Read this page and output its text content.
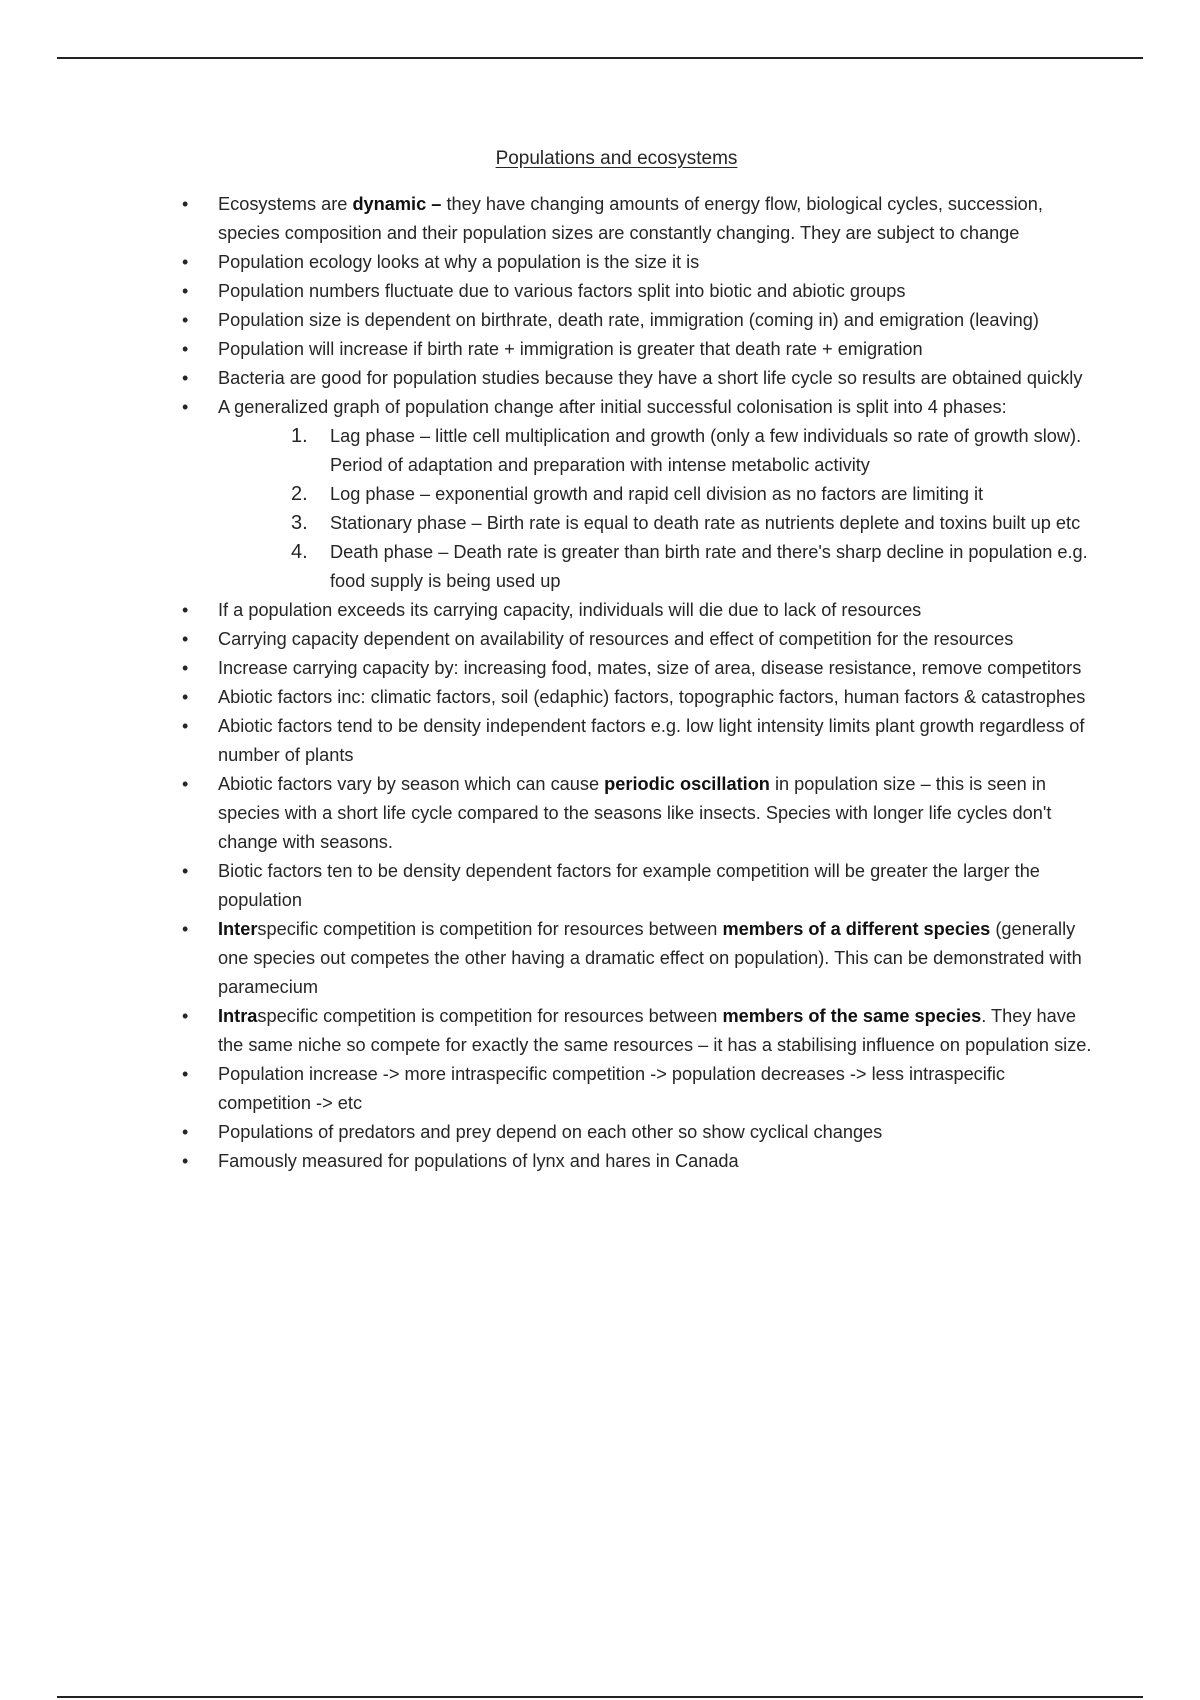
Populations and ecosystems
• Ecosystems are dynamic – they have changing amounts of energy flow, biological cycles, succession, species composition and their population sizes are constantly changing. They are subject to change
• Population ecology looks at why a population is the size it is
• Population numbers fluctuate due to various factors split into biotic and abiotic groups
• Population size is dependent on birthrate, death rate, immigration (coming in) and emigration (leaving)
• Population will increase if birth rate + immigration is greater that death rate + emigration
• Bacteria are good for population studies because they have a short life cycle so results are obtained quickly
• A generalized graph of population change after initial successful colonisation is split into 4 phases:
1. Lag phase – little cell multiplication and growth (only a few individuals so rate of growth slow). Period of adaptation and preparation with intense metabolic activity
2. Log phase – exponential growth and rapid cell division as no factors are limiting it
3. Stationary phase – Birth rate is equal to death rate as nutrients deplete and toxins built up etc
4. Death phase – Death rate is greater than birth rate and there's sharp decline in population e.g. food supply is being used up
• If a population exceeds its carrying capacity, individuals will die due to lack of resources
• Carrying capacity dependent on availability of resources and effect of competition for the resources
• Increase carrying capacity by: increasing food, mates, size of area, disease resistance, remove competitors
• Abiotic factors inc: climatic factors, soil (edaphic) factors, topographic factors, human factors & catastrophes
• Abiotic factors tend to be density independent factors e.g. low light intensity limits plant growth regardless of number of plants
• Abiotic factors vary by season which can cause periodic oscillation in population size – this is seen in species with a short life cycle compared to the seasons like insects. Species with longer life cycles don't change with seasons.
• Biotic factors ten to be density dependent factors for example competition will be greater the larger the population
• Interspecific competition is competition for resources between members of a different species (generally one species out competes the other having a dramatic effect on population). This can be demonstrated with paramecium
• Intraspecific competition is competition for resources between members of the same species. They have the same niche so compete for exactly the same resources – it has a stabilising influence on population size.
• Population increase -> more intraspecific competition -> population decreases -> less intraspecific competition -> etc
• Populations of predators and prey depend on each other so show cyclical changes
• Famously measured for populations of lynx and hares in Canada
